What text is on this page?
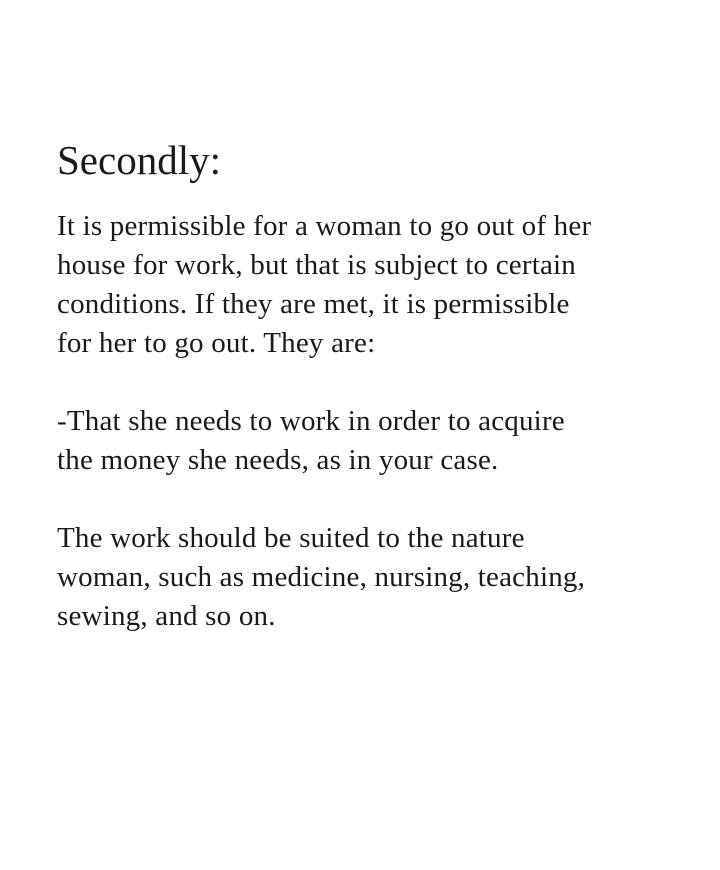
Secondly:

It is permissible for a woman to go out of her
house for work, but that is subject to certain
conditions. If they are met, it is permissible
for her to go out. They are:

-That she needs to work in order to acquire
the money she needs, as in your case.

The work should be suited to the nature
woman, such as medicine, nursing, teaching,
sewing, and so on.
